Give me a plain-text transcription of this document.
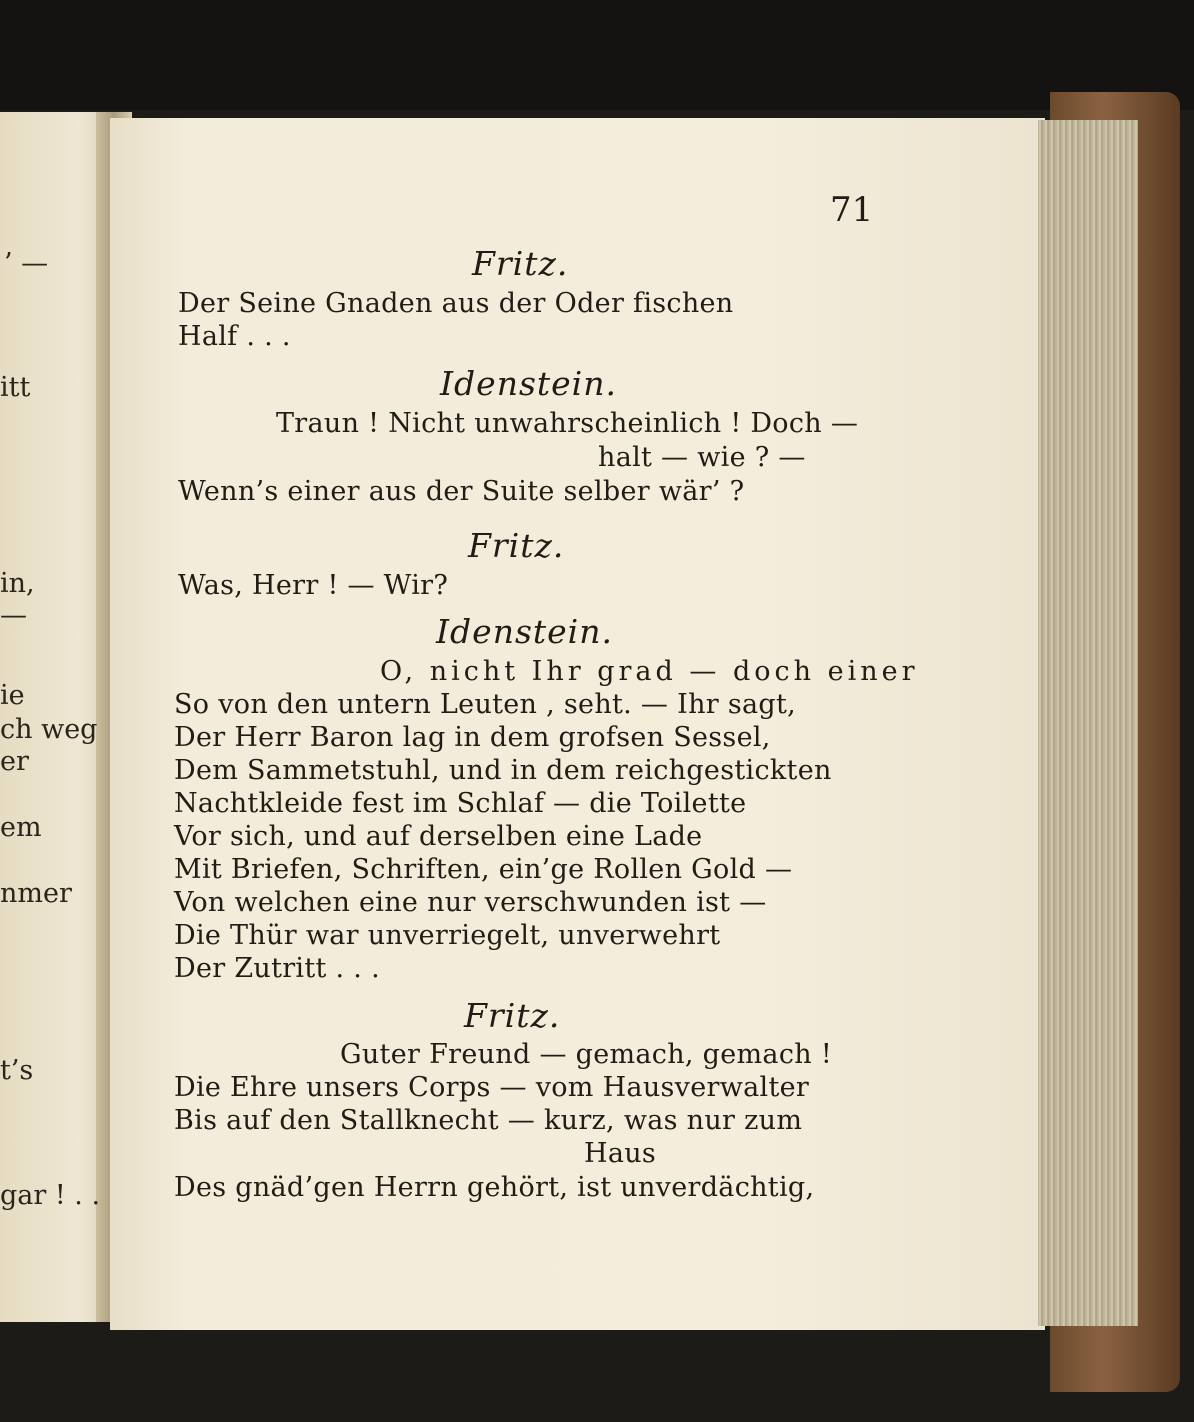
’ —
itt
in,
—
ie
ch weg
er
em
nmer
t’s
gar ! . .
71
Fritz.
Der Seine Gnaden aus der Oder fischen
Half . . .
Idenstein.
Traun ! Nicht unwahrscheinlich ! Doch —
halt — wie ? —
Wenn’s einer aus der Suite selber wär’ ?
Fritz.
Was, Herr ! — Wir?
Idenstein.
O, nicht Ihr grad — doch einer
So von den untern Leuten , seht. — Ihr sagt,
Der Herr Baron lag in dem grofsen Sessel,
Dem Sammetstuhl, und in dem reichgestickten
Nachtkleide fest im Schlaf — die Toilette
Vor sich, und auf derselben eine Lade
Mit Briefen, Schriften, ein’ge Rollen Gold —
Von welchen eine nur verschwunden ist —
Die Thür war unverriegelt, unverwehrt
Der Zutritt . . .
Fritz.
Guter Freund — gemach, gemach !
Die Ehre unsers Corps — vom Hausverwalter
Bis auf den Stallknecht — kurz, was nur zum
Haus
Des gnäd’gen Herrn gehört, ist unverdächtig,
